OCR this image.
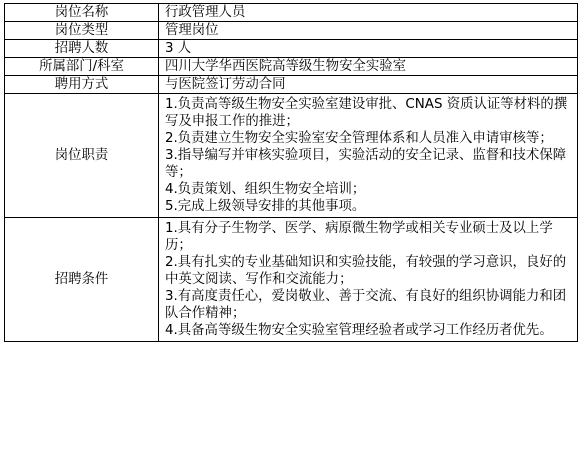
岗位名称	行政管理人员
岗位类型	管理岗位
招聘人数	3 人
所属部门/科室	四川大学华西医院高等级生物安全实验室
聘用方式	与医院签订劳动合同
岗位职责	1.负责高等级生物安全实验室建设审批、CNAS 资质认证等材料的撰写及申报工作的推进；
2.负责建立生物安全实验室安全管理体系和人员准入申请审核等；
3.指导编写并审核实验项目，实验活动的安全记录、监督和技术保障等；
4.负责策划、组织生物安全培训；
5.完成上级领导安排的其他事项。

招聘条件	1.具有分子生物学、医学、病原微生物学或相关专业硕士及以上学历；
2.具有扎实的专业基础知识和实验技能，有较强的学习意识，良好的中英文阅读、写作和交流能力；
3.有高度责任心，爱岗敬业、善于交流、有良好的组织协调能力和团队合作精神；
4.具备高等级生物安全实验室管理经验者或学习工作经历者优先。
